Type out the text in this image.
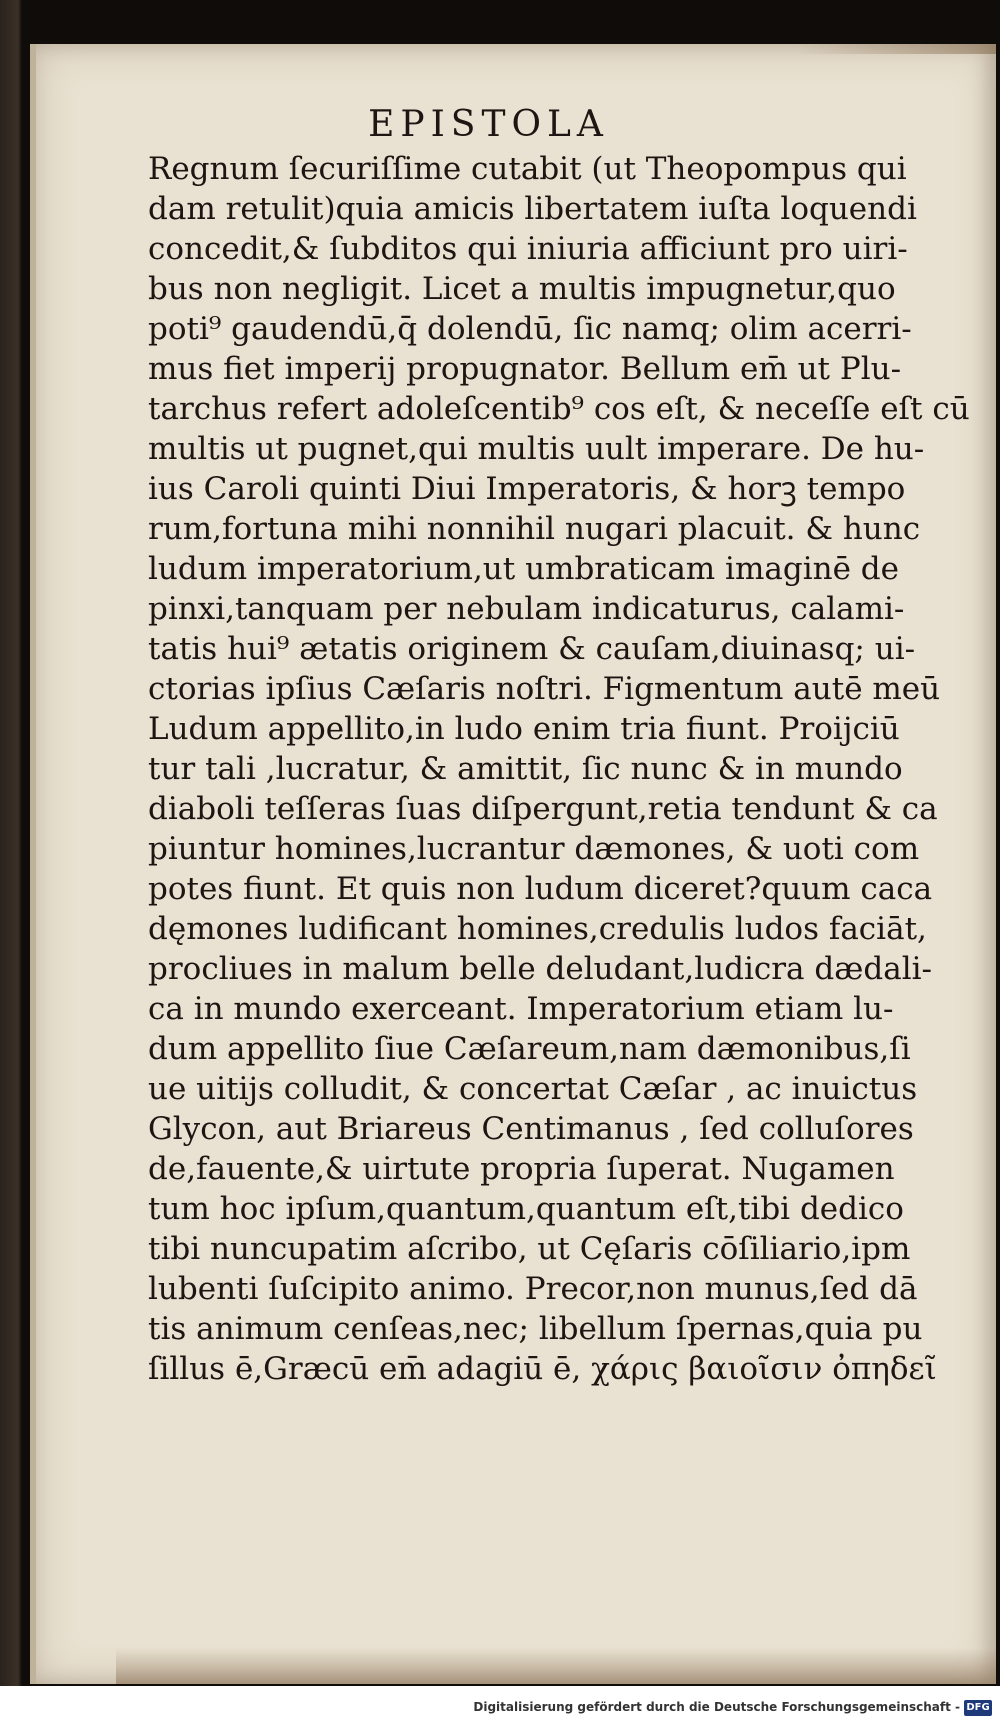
EPISTOLA
Regnum ſecuriſſime cutabit (ut Theopompus qui
dam retulit)quia amicis libertatem iuſta loquendi
concedit,& ſubditos qui iniuria afficiunt pro uiri-
bus non negligit. Licet a multis impugnetur,quo
poti⁹ gaudendū,q̄ dolendū, ſic namq; olim acerri-
mus fiet imperij propugnator. Bellum em̄ ut Plu-
tarchus refert adoleſcentib⁹ cos eſt, & neceſſe eſt cū
multis ut pugnet,qui multis uult imperare. De hu-
ius Caroli quinti Diui Imperatoris, & horꝫ tempo
rum,fortuna mihi nonnihil nugari placuit. & hunc
ludum imperatorium,ut umbraticam imaginē de
pinxi,tanquam per nebulam indicaturus, calami-
tatis hui⁹ ætatis originem & cauſam,diuinasq; ui-
ctorias ipſius Cæſaris noſtri. Figmentum autē meū
Ludum appellito,in ludo enim tria fiunt. Proijciū
tur tali ,lucratur, & amittit, ſic nunc & in mundo
diaboli teſſeras ſuas diſpergunt,retia tendunt & ca
piuntur homines,lucrantur dæmones, & uoti com
potes fiunt. Et quis non ludum diceret?quum caca
dęmones ludificant homines,credulis ludos faciāt,
procliues in malum belle deludant,ludicra dædali-
ca in mundo exerceant. Imperatorium etiam lu-
dum appellito ſiue Cæſareum,nam dæmonibus,ſi
ue uitijs colludit, & concertat Cæſar , ac inuictus
Glycon, aut Briareus Centimanus , ſed colluſores
de,fauente,& uirtute propria ſuperat. Nugamen
tum hoc ipſum,quantum,quantum eſt,tibi dedico
tibi nuncupatim aſcribo, ut Cęſaris cōſiliario,ipm
lubenti ſuſcipito animo. Precor,non munus,ſed dā
tis animum cenſeas,nec; libellum ſpernas,quia pu
ſillus ē,Græcū em̄ adagiū ē, χάρις βαιοῖσιν ὀπηδεῖ
Digitalisierung gefördert durch die Deutsche Forschungsgemeinschaft - DFG
